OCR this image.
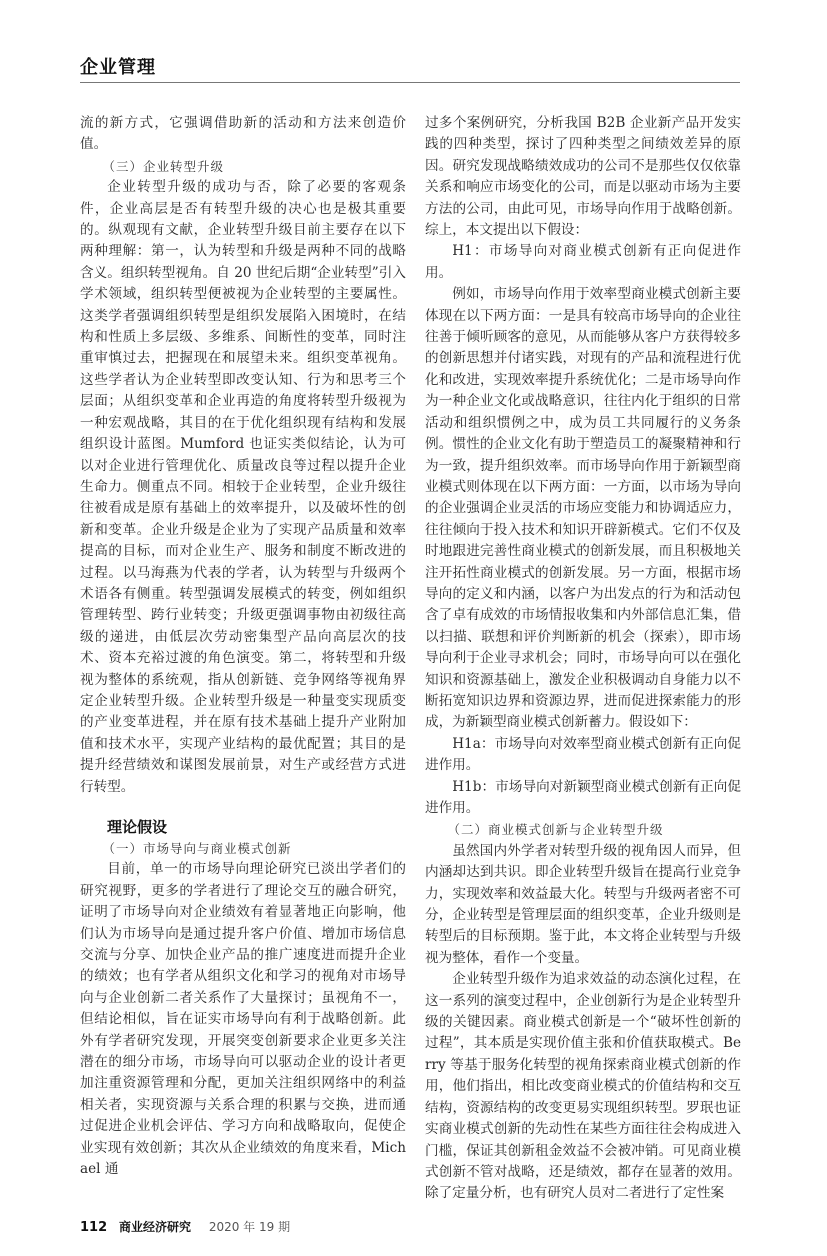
企业管理

流的新方式，它强调借助新的活动和方法来创造价值。

（三）企业转型升级

企业转型升级的成功与否，除了必要的客观条件，企业高层是否有转型升级的决心也是极其重要的。纵观现有文献，企业转型升级目前主要存在以下两种理解：第一，认为转型和升级是两种不同的战略含义。组织转型视角。自 20 世纪后期“企业转型”引入学术领域，组织转型便被视为企业转型的主要属性。这类学者强调组织转型是组织发展陷入困境时，在结构和性质上多层级、多维系、间断性的变革，同时注重审慎过去，把握现在和展望未来。组织变革视角。这些学者认为企业转型即改变认知、行为和思考三个层面；从组织变革和企业再造的角度将转型升级视为一种宏观战略，其目的在于优化组织现有结构和发展组织设计蓝图。Mumford 也证实类似结论，认为可以对企业进行管理优化、质量改良等过程以提升企业生命力。侧重点不同。相较于企业转型，企业升级往往被看成是原有基础上的效率提升，以及破坏性的创新和变革。企业升级是企业为了实现产品质量和效率提高的目标，而对企业生产、服务和制度不断改进的过程。以马海燕为代表的学者，认为转型与升级两个术语各有侧重。转型强调发展模式的转变，例如组织管理转型、跨行业转变；升级更强调事物由初级往高级的递进，由低层次劳动密集型产品向高层次的技术、资本充裕过渡的角色演变。第二，将转型和升级视为整体的系统观，指从创新链、竞争网络等视角界定企业转型升级。企业转型升级是一种量变实现质变的产业变革进程，并在原有技术基础上提升产业附加值和技术水平，实现产业结构的最优配置；其目的是提升经营绩效和谋图发展前景，对生产或经营方式进行转型。

理论假设

（一）市场导向与商业模式创新

目前，单一的市场导向理论研究已淡出学者们的研究视野，更多的学者进行了理论交互的融合研究，证明了市场导向对企业绩效有着显著地正向影响，他们认为市场导向是通过提升客户价值、增加市场信息交流与分享、加快企业产品的推广速度进而提升企业的绩效；也有学者从组织文化和学习的视角对市场导向与企业创新二者关系作了大量探讨；虽视角不一，但结论相似，旨在证实市场导向有利于战略创新。此外有学者研究发现，开展突变创新要求企业更多关注潜在的细分市场，市场导向可以驱动企业的设计者更加注重资源管理和分配，更加关注组织网络中的利益相关者，实现资源与关系合理的积累与交换，进而通过促进企业机会评估、学习方向和战略取向，促使企业实现有效创新；其次从企业绩效的角度来看，Michael 通

过多个案例研究，分析我国 B2B 企业新产品开发实践的四种类型，探讨了四种类型之间绩效差异的原因。研究发现战略绩效成功的公司不是那些仅仅依靠关系和响应市场变化的公司，而是以驱动市场为主要方法的公司，由此可见，市场导向作用于战略创新。综上，本文提出以下假设：

H1：市场导向对商业模式创新有正向促进作用。

例如，市场导向作用于效率型商业模式创新主要体现在以下两方面：一是具有较高市场导向的企业往往善于倾听顾客的意见，从而能够从客户方获得较多的创新思想并付诸实践，对现有的产品和流程进行优化和改进，实现效率提升系统优化；二是市场导向作为一种企业文化或战略意识，往往内化于组织的日常活动和组织惯例之中，成为员工共同履行的义务条例。惯性的企业文化有助于塑造员工的凝聚精神和行为一致，提升组织效率。而市场导向作用于新颖型商业模式则体现在以下两方面：一方面，以市场为导向的企业强调企业灵活的市场应变能力和协调适应力，往往倾向于投入技术和知识开辟新模式。它们不仅及时地跟进完善性商业模式的创新发展，而且积极地关注开拓性商业模式的创新发展。另一方面，根据市场导向的定义和内涵，以客户为出发点的行为和活动包含了卓有成效的市场情报收集和内外部信息汇集，借以扫描、联想和评价判断新的机会（探索），即市场导向利于企业寻求机会；同时，市场导向可以在强化知识和资源基础上，激发企业积极调动自身能力以不断拓宽知识边界和资源边界，进而促进探索能力的形成，为新颖型商业模式创新蓄力。假设如下：

H1a：市场导向对效率型商业模式创新有正向促进作用。

H1b：市场导向对新颖型商业模式创新有正向促进作用。

（二）商业模式创新与企业转型升级

虽然国内外学者对转型升级的视角因人而异，但内涵却达到共识。即企业转型升级旨在提高行业竞争力，实现效率和效益最大化。转型与升级两者密不可分，企业转型是管理层面的组织变革，企业升级则是转型后的目标预期。鉴于此，本文将企业转型与升级视为整体，看作一个变量。

企业转型升级作为追求效益的动态演化过程，在这一系列的演变过程中，企业创新行为是企业转型升级的关键因素。商业模式创新是一个“破坏性创新的过程”，其本质是实现价值主张和价值获取模式。Berry 等基于服务化转型的视角探索商业模式创新的作用，他们指出，相比改变商业模式的价值结构和交互结构，资源结构的改变更易实现组织转型。罗珉也证实商业模式创新的先动性在某些方面往往会构成进入门槛，保证其创新租金效益不会被冲销。可见商业模式创新不管对战略，还是绩效，都存在显著的效用。除了定量分析，也有研究人员对二者进行了定性案

112 商业经济研究 2020 年 19 期
